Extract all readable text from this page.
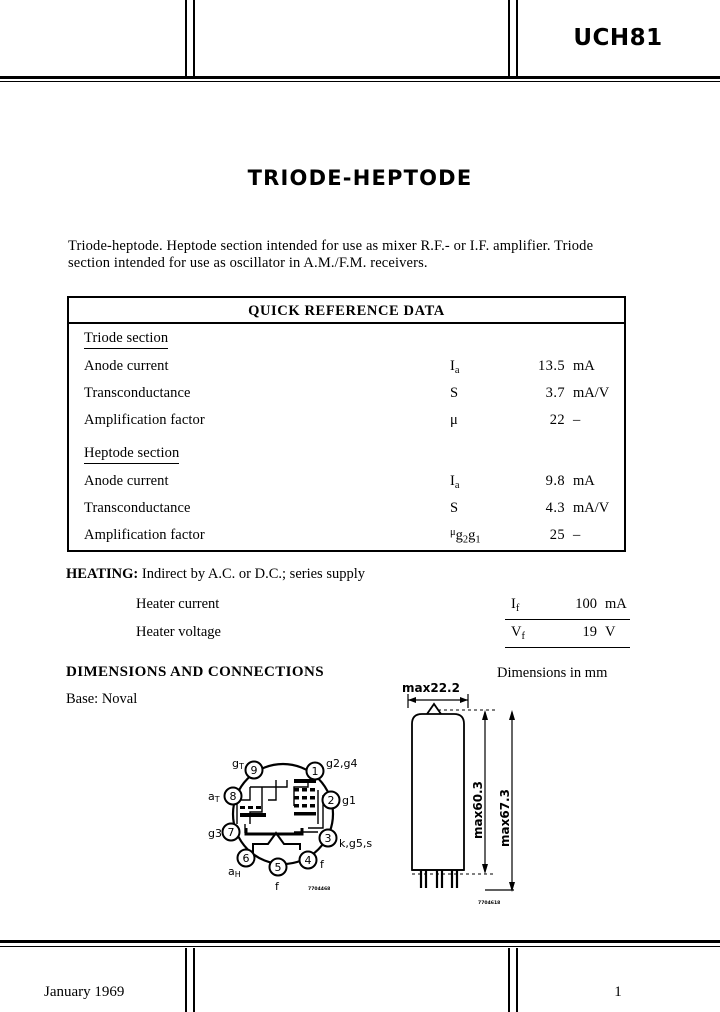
UCH81
TRIODE-HEPTODE
Triode-heptode. Heptode section intended for use as mixer R.F.- or I.F. amplifier. Triode section intended for use as oscillator in A.M./F.M. receivers.
QUICK REFERENCE DATA
Triode section
Anode current	$I_a$	13.5 mA
Transconductance	S	3.7 mA/V
Amplification factor	μ	22 –
Heptode section
Anode current	$I_a$	9.8 mA
Transconductance	S	4.3 mA/V
Amplification factor	$^\mu g_2g_1$	25 –
HEATING: Indirect by A.C. or D.C.; series supply
Heater current	$I_f$	100 mA
Heater voltage	$V_f$	19 V
DIMENSIONS AND CONNECTIONS	Dimensions in mm
Base: Noval
1
2
3
4
5
6
7
8
9
g2,g4
g1
k,g5,s
f
f
aH
g3
aT
gT
7704468
max22.2
max60.3 max67.3
7704618
January 1969	1
